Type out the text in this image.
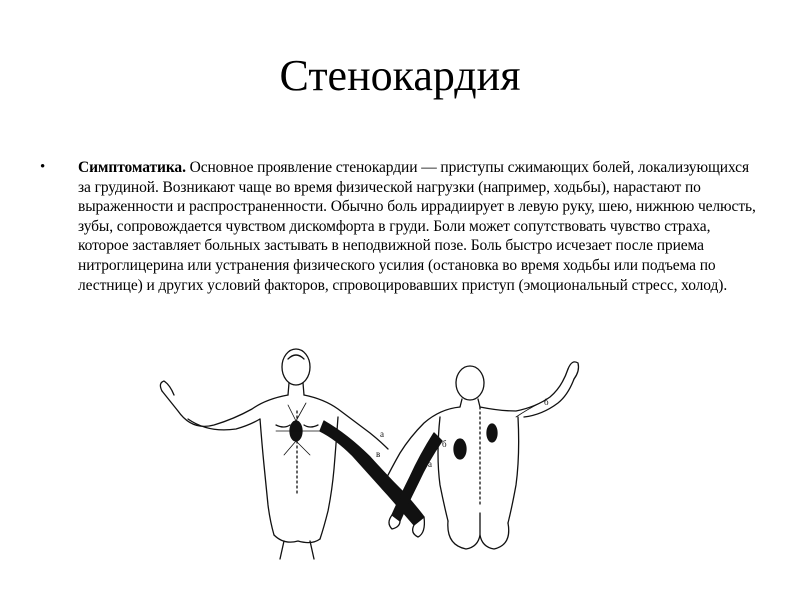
Стенокардия
• Симптоматика. Основное проявление стенокардии — приступы сжимающих болей, локализующихся за грудиной. Возникают чаще во время физической нагрузки (например, ходьбы), нарастают по выраженности и распространенности. Обычно боль иррадиирует в левую руку, шею, нижнюю челюсть, зубы, сопровождается чувством дискомфорта в груди. Боли может сопутствовать чувство страха, которое заставляет больных застывать в неподвижной позе. Боль быстро исчезает после приема нитроглицерина или устранения физического усилия (остановка во время ходьбы или подъема по лестнице) и других условий факторов, спровоцировавших приступ (эмоциональный стресс, холод).
а
б
в
а
б
